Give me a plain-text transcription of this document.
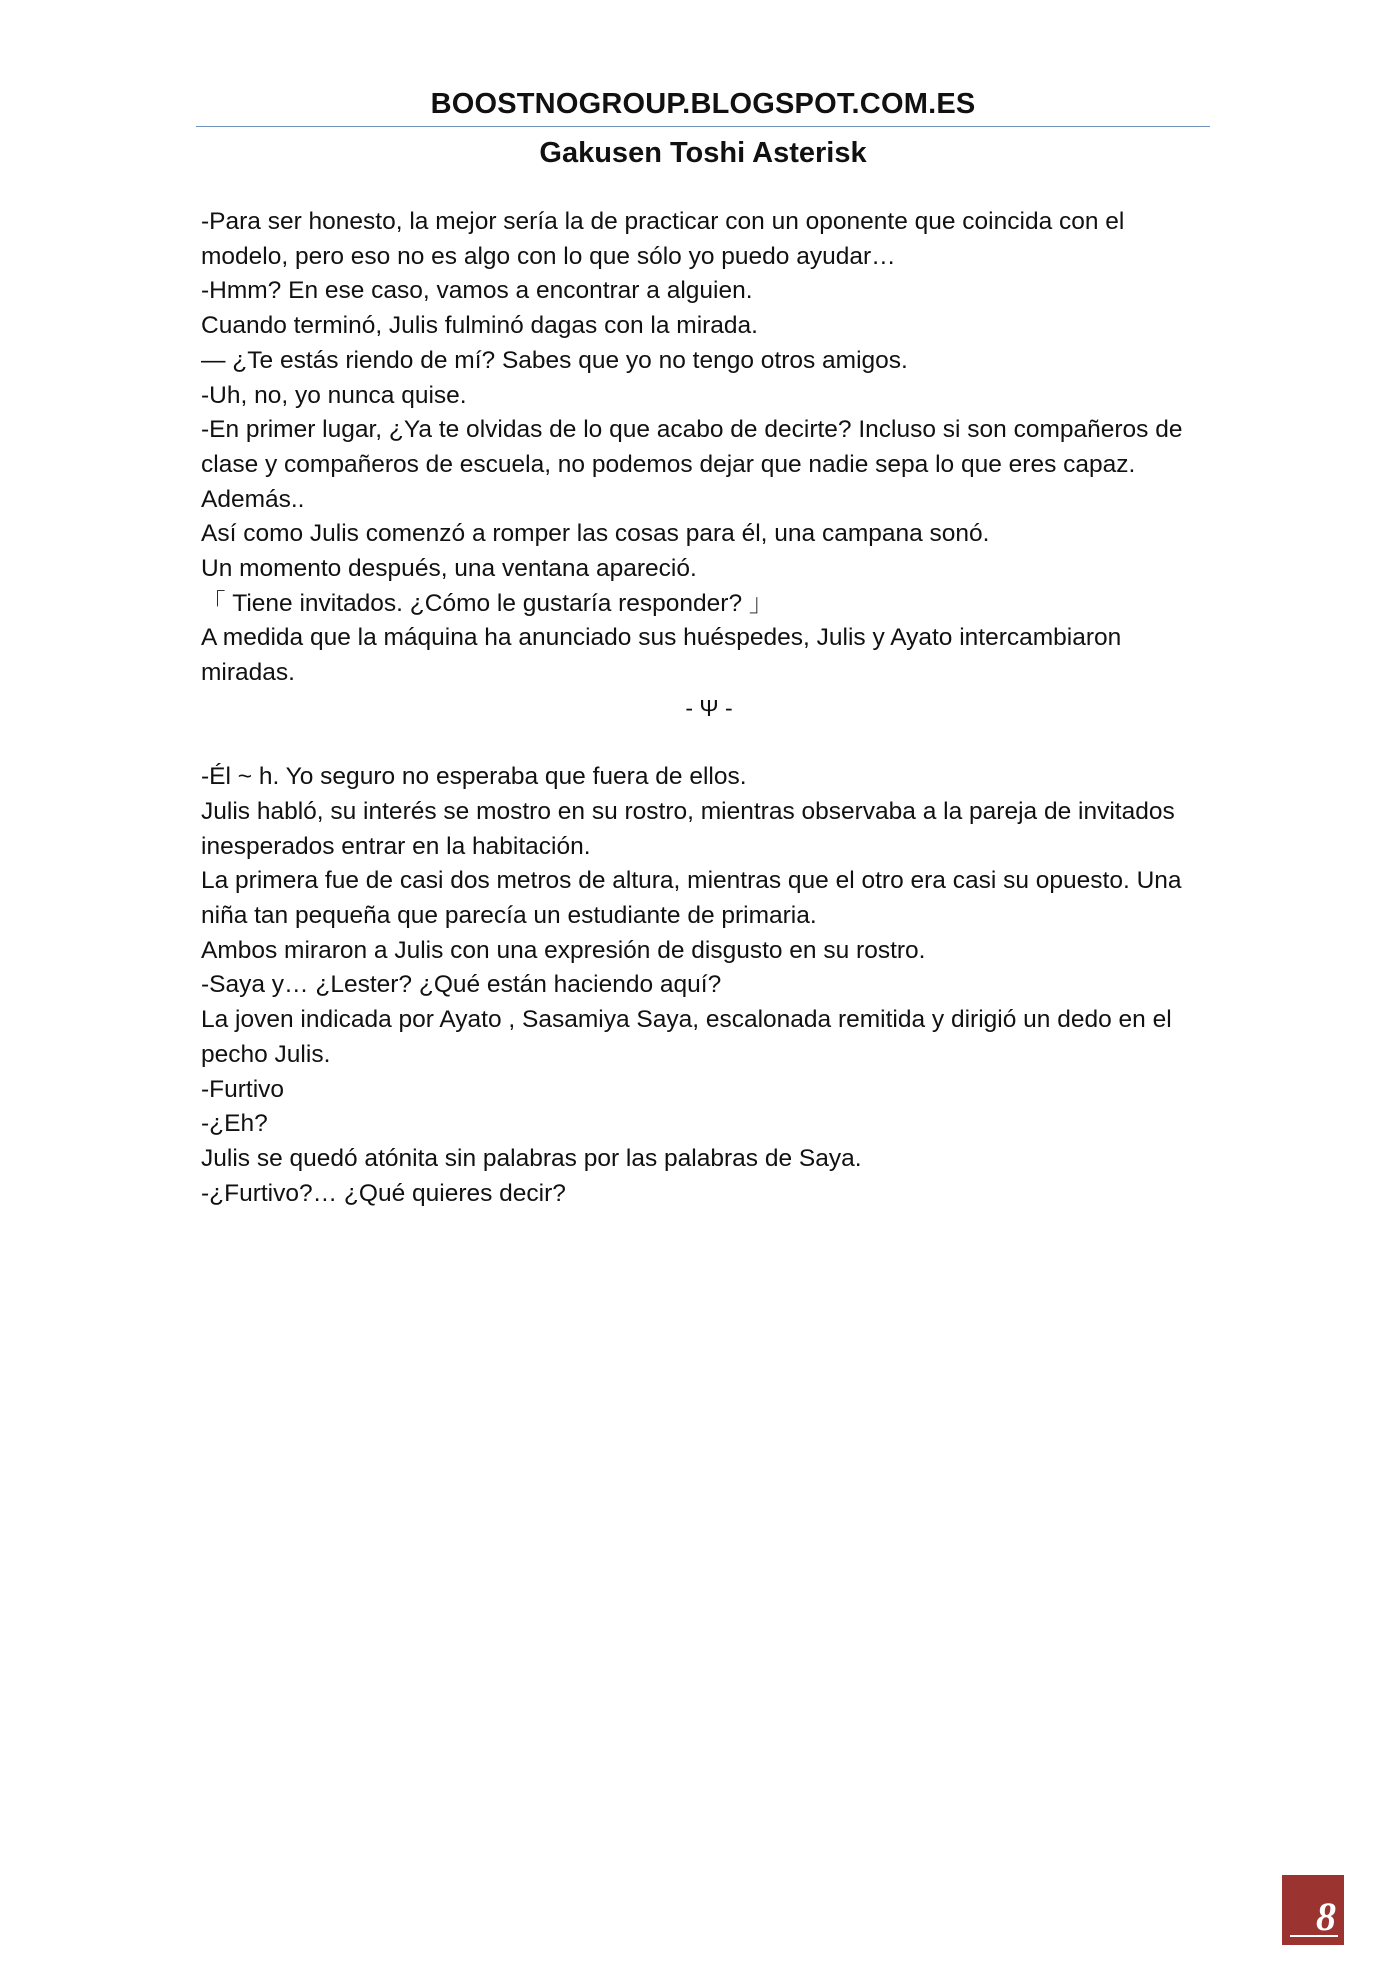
BOOSTNOGROUP.BLOGSPOT.COM.ES
Gakusen Toshi Asterisk

-Para ser honesto, la mejor sería la de practicar con un oponente que coincida con el modelo, pero eso no es algo con lo que sólo yo puedo ayudar…

-Hmm? En ese caso, vamos a encontrar a alguien.

Cuando terminó, Julis fulminó dagas con la mirada.

— ¿Te estás riendo de mí? Sabes que yo no tengo otros amigos.

-Uh, no, yo nunca quise.

-En primer lugar, ¿Ya te olvidas de lo que acabo de decirte? Incluso si son compañeros de clase y compañeros de escuela, no podemos dejar que nadie sepa lo que eres capaz. Además..

Así como Julis comenzó a romper las cosas para él, una campana sonó.

Un momento después, una ventana apareció.

「 Tiene invitados. ¿Cómo le gustaría responder? 」

A medida que la máquina ha anunciado sus huéspedes, Julis y Ayato intercambiaron miradas.

- Ψ -

-Él ~ h. Yo seguro no esperaba que fuera de ellos.

Julis habló, su interés se mostro en su rostro, mientras observaba a la pareja de invitados inesperados entrar en la habitación.

La primera fue de casi dos metros de altura, mientras que el otro era casi su opuesto. Una niña tan pequeña que parecía un estudiante de primaria.

Ambos miraron a Julis con una expresión de disgusto en su rostro.

-Saya y… ¿Lester? ¿Qué están haciendo aquí?

La joven indicada por Ayato , Sasamiya Saya, escalonada remitida y dirigió un dedo en el pecho Julis.

-Furtivo

-¿Eh?

Julis se quedó atónita sin palabras por las palabras de Saya.

-¿Furtivo?… ¿Qué quieres decir?

8
